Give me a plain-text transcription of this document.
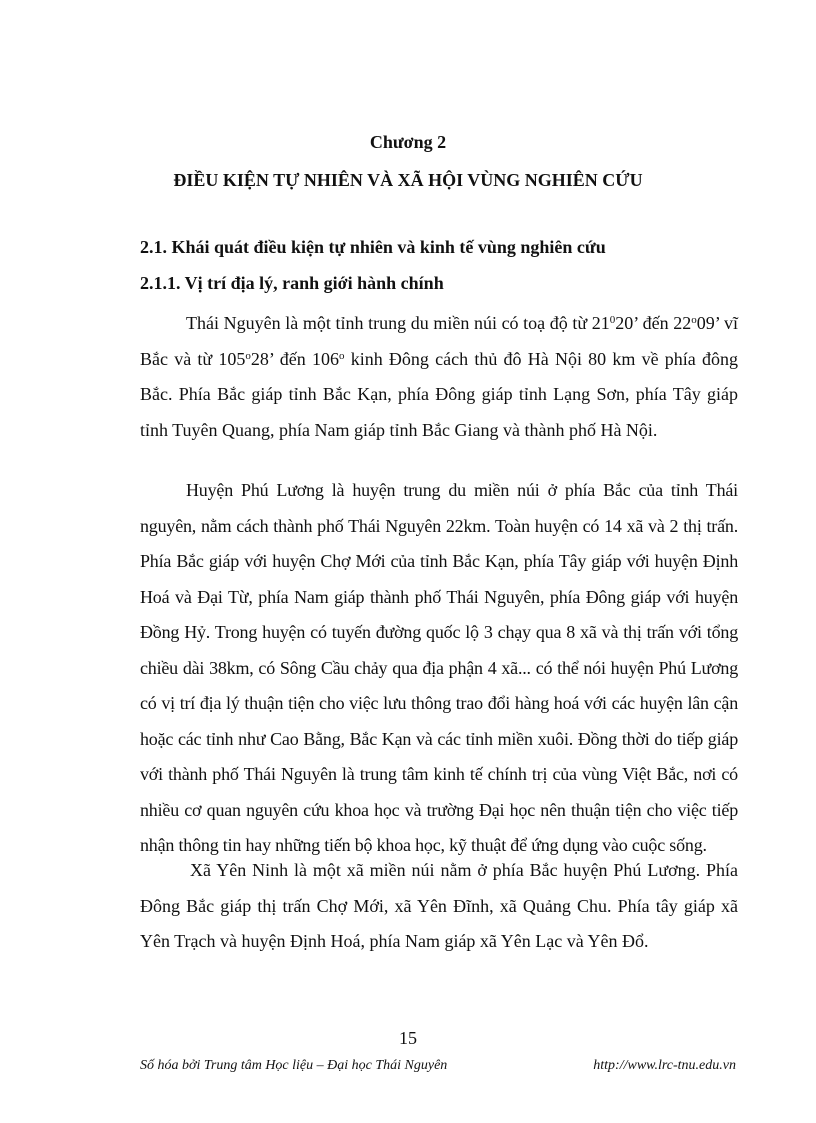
Chương 2
ĐIỀU KIỆN TỰ NHIÊN VÀ XÃ HỘI VÙNG NGHIÊN CỨU
2.1. Khái quát điều kiện tự nhiên và kinh tế vùng nghiên cứu
2.1.1. Vị trí địa lý, ranh giới hành chính

Thái Nguyên là một tỉnh trung du miền núi có toạ độ từ $21^020$’ đến 22$^o$09’ vĩ Bắc và từ 105$^o$28’ đến 106$^o$ kinh Đông cách thủ đô Hà Nội 80 km về phía đông Bắc. Phía Bắc giáp tỉnh Bắc Kạn, phía Đông giáp tỉnh Lạng Sơn, phía Tây giáp tỉnh Tuyên Quang, phía Nam giáp tỉnh Bắc Giang và thành phố Hà Nội.

Huyện Phú Lương là huyện trung du miền núi ở phía Bắc của tỉnh Thái nguyên, nằm cách thành phố Thái Nguyên 22km. Toàn huyện có 14 xã và 2 thị trấn. Phía Bắc giáp với huyện Chợ Mới của tỉnh Bắc Kạn, phía Tây giáp với huyện Định Hoá và Đại Từ, phía Nam giáp thành phố Thái Nguyên, phía Đông giáp với huyện Đồng Hỷ. Trong huyện có tuyến đường quốc lộ 3 chạy qua 8 xã và thị trấn với tổng chiều dài 38km, có Sông Cầu chảy qua địa phận 4 xã... có thể nói huyện Phú Lương có vị trí địa lý thuận tiện cho việc lưu thông trao đổi hàng hoá với các huyện lân cận hoặc các tỉnh như Cao Bằng, Bắc Kạn và các tỉnh miền xuôi. Đồng thời do tiếp giáp với thành phố Thái Nguyên là trung tâm kinh tế chính trị của vùng Việt Bắc, nơi có nhiều cơ quan nguyên cứu khoa học và trường Đại học nên thuận tiện cho việc tiếp nhận thông tin hay những tiến bộ khoa học, kỹ thuật để ứng dụng vào cuộc sống.

Xã Yên Ninh là một xã miền núi nằm ở phía Bắc huyện Phú Lương. Phía Đông Bắc giáp thị trấn Chợ Mới, xã Yên Đĩnh, xã Quảng Chu. Phía tây giáp xã Yên Trạch và huyện Định Hoá, phía Nam giáp xã Yên Lạc và Yên Đổ.

15
Số hóa bởi Trung tâm Học liệu – Đại học Thái Nguyên	http://www.lrc-tnu.edu.vn
